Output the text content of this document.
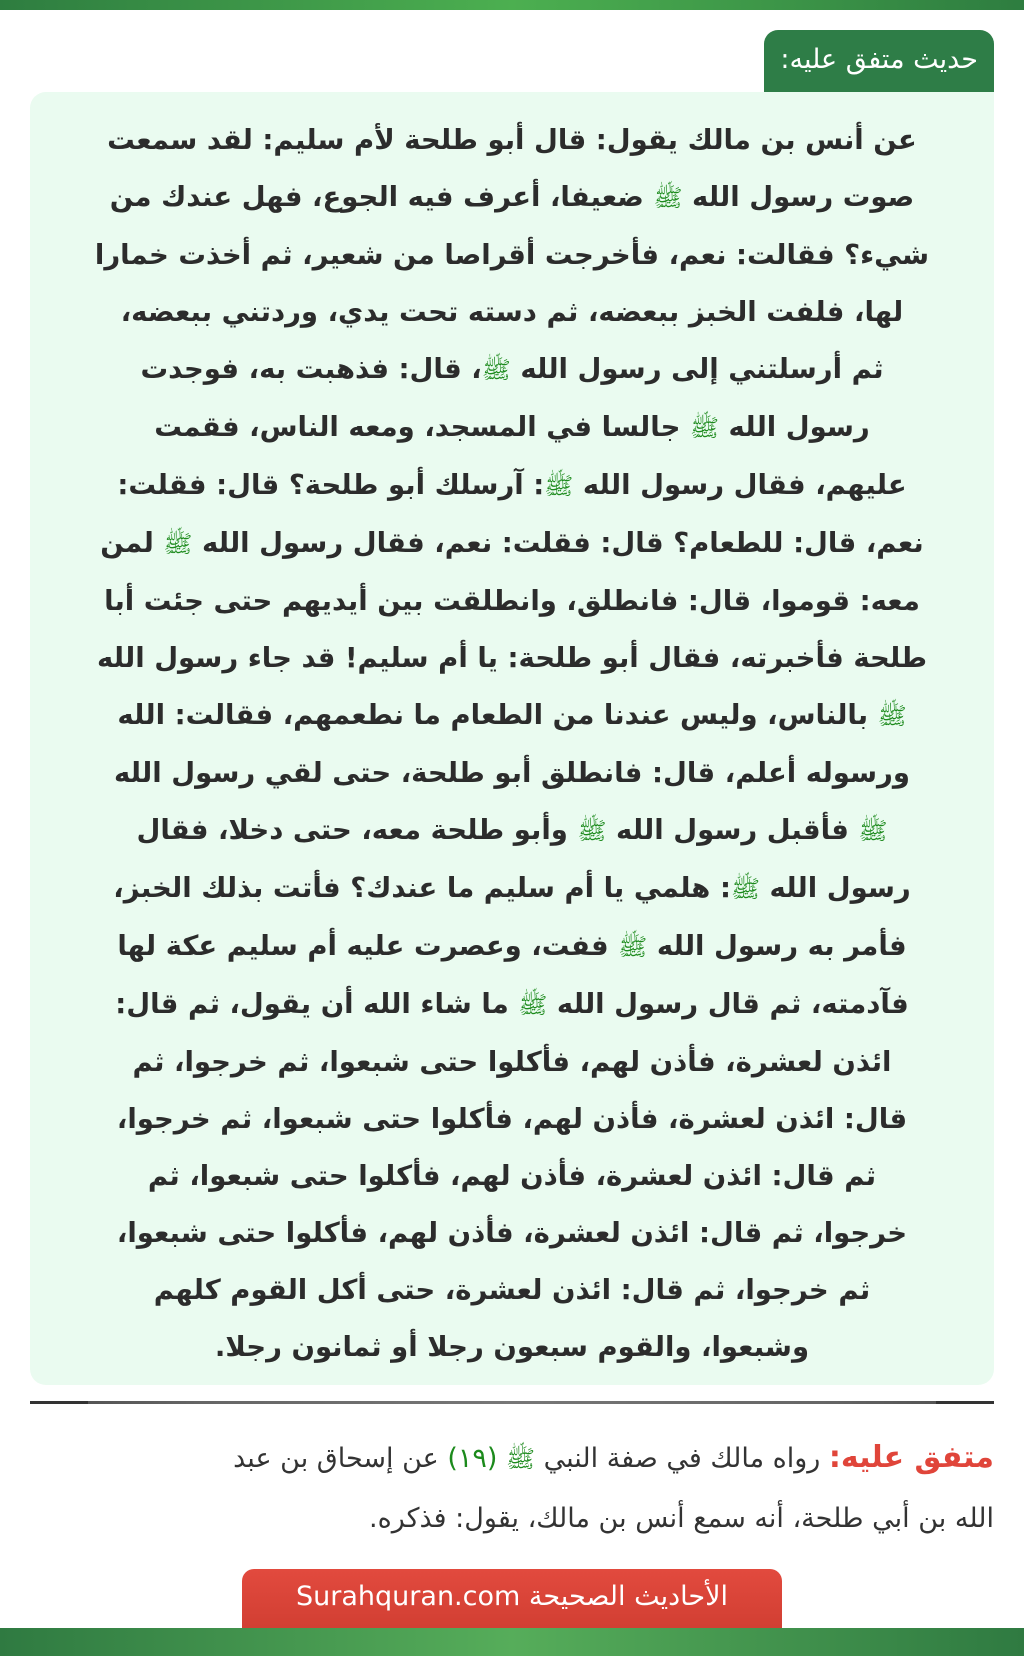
حديث متفق عليه:
عن أنس بن مالك يقول: قال أبو طلحة لأم سليم: لقد سمعت
صوت رسول الله ﷺ ضعيفا، أعرف فيه الجوع، فهل عندك من
شيء؟ فقالت: نعم، فأخرجت أقراصا من شعير، ثم أخذت خمارا
لها، فلفت الخبز ببعضه، ثم دسته تحت يدي، وردتني ببعضه،
ثم أرسلتني إلى رسول الله ﷺ، قال: فذهبت به، فوجدت
رسول الله ﷺ جالسا في المسجد، ومعه الناس، فقمت
عليهم، فقال رسول الله ﷺ: آرسلك أبو طلحة؟ قال: فقلت:
نعم، قال: للطعام؟ قال: فقلت: نعم، فقال رسول الله ﷺ لمن
معه: قوموا، قال: فانطلق، وانطلقت بين أيديهم حتى جئت أبا
طلحة فأخبرته، فقال أبو طلحة: يا أم سليم! قد جاء رسول الله
ﷺ بالناس، وليس عندنا من الطعام ما نطعمهم، فقالت: الله
ورسوله أعلم، قال: فانطلق أبو طلحة، حتى لقي رسول الله
ﷺ فأقبل رسول الله ﷺ وأبو طلحة معه، حتى دخلا، فقال
رسول الله ﷺ: هلمي يا أم سليم ما عندك؟ فأتت بذلك الخبز،
فأمر به رسول الله ﷺ ففت، وعصرت عليه أم سليم عكة لها
فآدمته، ثم قال رسول الله ﷺ ما شاء الله أن يقول، ثم قال:
ائذن لعشرة، فأذن لهم، فأكلوا حتى شبعوا، ثم خرجوا، ثم
قال: ائذن لعشرة، فأذن لهم، فأكلوا حتى شبعوا، ثم خرجوا،
ثم قال: ائذن لعشرة، فأذن لهم، فأكلوا حتى شبعوا، ثم
خرجوا، ثم قال: ائذن لعشرة، فأذن لهم، فأكلوا حتى شبعوا،
ثم خرجوا، ثم قال: ائذن لعشرة، حتى أكل القوم كلهم
وشبعوا، والقوم سبعون رجلا أو ثمانون رجلا.
متفق عليه: رواه مالك في صفة النبي ﷺ (١٩) عن إسحاق بن عبد
الله بن أبي طلحة، أنه سمع أنس بن مالك، يقول: فذكره.
الأحاديث الصحيحة Surahquran.com
